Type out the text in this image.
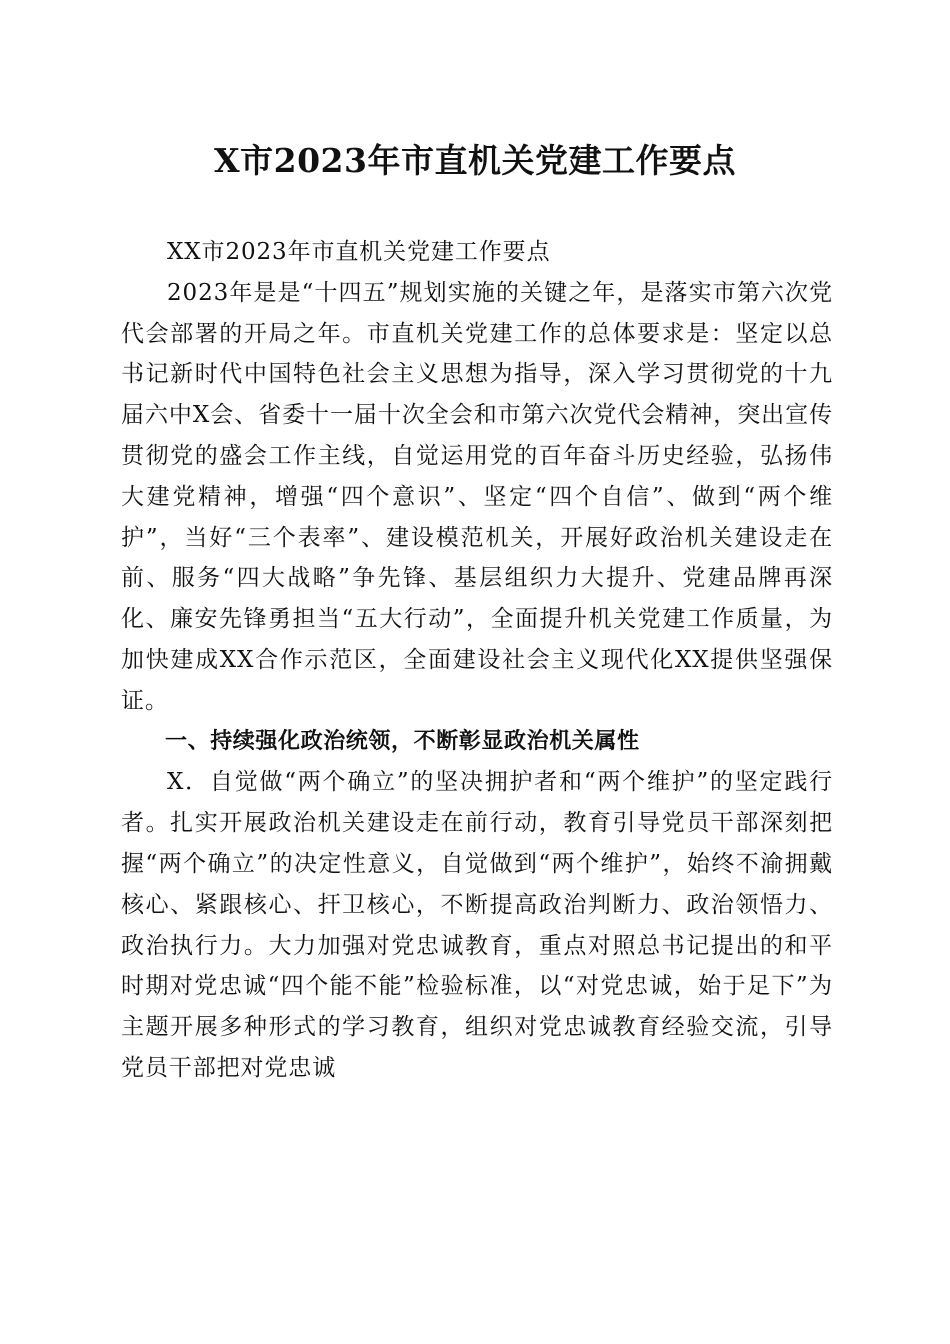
X市2023年市直机关党建工作要点

XX市2023年市直机关党建工作要点

2023年是是“十四五”规划实施的关键之年，是落实市第六次党代会部署的开局之年。市直机关党建工作的总体要求是：坚定以总书记新时代中国特色社会主义思想为指导，深入学习贯彻党的十九届六中X会、省委十一届十次全会和市第六次党代会精神，突出宣传贯彻党的盛会工作主线，自觉运用党的百年奋斗历史经验，弘扬伟大建党精神，增强“四个意识”、坚定“四个自信”、做到“两个维护”，当好“三个表率”、建设模范机关，开展好政治机关建设走在前、服务“四大战略”争先锋、基层组织力大提升、党建品牌再深化、廉安先锋勇担当“五大行动”，全面提升机关党建工作质量，为加快建成XX合作示范区，全面建设社会主义现代化XX提供坚强保证。

一、持续强化政治统领，不断彰显政治机关属性

X．自觉做“两个确立”的坚决拥护者和“两个维护”的坚定践行者。扎实开展政治机关建设走在前行动，教育引导党员干部深刻把握“两个确立”的决定性意义，自觉做到“两个维护”，始终不渝拥戴核心、紧跟核心、扞卫核心，不断提高政治判断力、政治领悟力、政治执行力。大力加强对党忠诚教育，重点对照总书记提出的和平时期对党忠诚“四个能不能”检验标准，以“对党忠诚，始于足下”为主题开展多种形式的学习教育，组织对党忠诚教育经验交流，引导党员干部把对党忠诚
